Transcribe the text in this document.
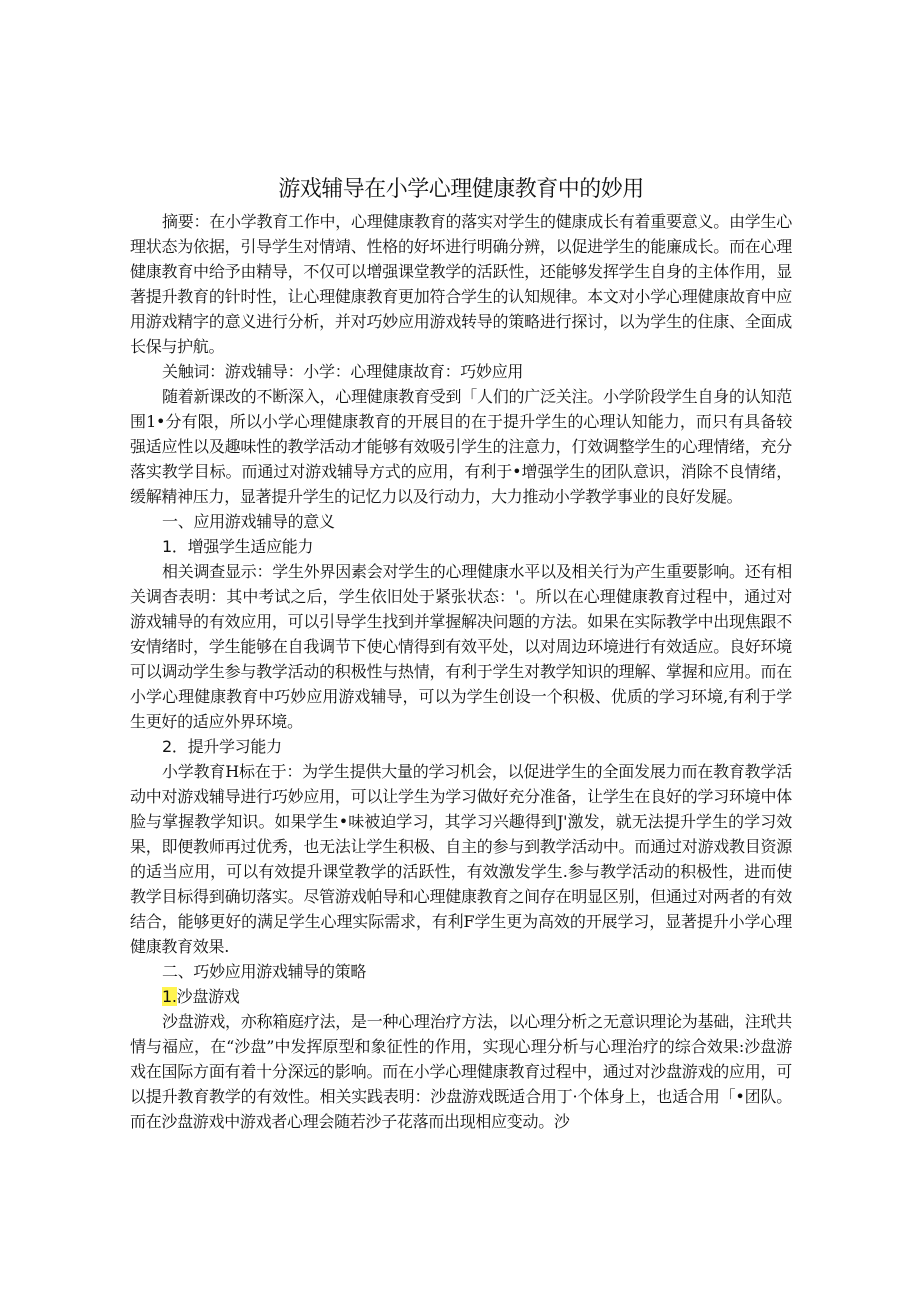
游戏辅导在小学心理健康教育中的妙用

摘要：在小学教育工作中，心理健康教育的落实对学生的健康成长有着重要意义。由学生心理状态为依据，引导学生对情靖、性格的好坏进行明确分辨，以促进学生的能廉成长。而在心理健康教育中给予由精导，不仅可以增强课堂教学的活跃性，还能够发挥学生自身的主体作用，显著提升教育的针时性，让心理健康教育更加符合学生的认知规律。本文对小学心理健康故育中应用游戏精字的意义进行分析，并对巧妙应用游戏转导的策略进行探讨，以为学生的住康、全面成长保与护航。

关触词：游戏辅导：小学：心理健康故育：巧妙应用

随着新课改的不断深入，心理健康教育受到「人们的广泛关注。小学阶段学生自身的认知范围1•分有限，所以小学心理健康教育的开展目的在于提升学生的心理认知能力，而只有具备较强适应性以及趣味性的教学活动才能够有效吸引学生的注意力，仃效调整学生的心理情绪，充分落实教学目标。而通过对游戏辅导方式的应用，有利于•增强学生的团队意识，消除不良情绪，缓解精神压力，显著提升学生的记忆力以及行动力，大力推动小学教学事业的良好发屣。

一、应用游戏辅导的意义

1．增强学生适应能力

相关调查显示：学生外界因素会对学生的心理健康水平以及相关行为产生重要影响。还有相关调杳表明：其中考试之后，学生依旧处于紧张状态：'。所以在心理健康教育过程中，通过对游戏辅导的有效应用，可以引导学生找到并掌握解决问题的方法。如果在实际教学中出现焦跟不安情绪时，学生能够在自我调节下使心情得到有效平处，以对周边环境进行有效适应。良好环境可以调动学生参与教学活动的积极性与热情，有利于学生对教学知识的理解、掌握和应用。而在小学心理健康教育中巧妙应用游戏辅导，可以为学生创设一个积极、优质的学习环境,有利于学生更好的适应外界环境。

2．提升学习能力

小学教育H标在于：为学生提供大量的学习机会，以促进学生的全面发展力而在教育教学活动中对游戏辅导进行巧妙应用，可以让学生为学习做好充分准备，让学生在良好的学习环境中体脸与掌握教学知识。如果学生•味被迫学习，其学习兴趣得到J'激发，就无法提升学生的学习效果，即便教师再过优秀，也无法让学生积极、自主的参与到教学活动中。而通过对游戏教目资源的适当应用，可以有效提升课堂教学的活跃性，有效激发学生.参与教学活动的积极性，进而使教学目标得到确切落实。尽管游戏帕导和心理健康教育之间存在明显区别，但通过对两者的有效结合，能够更好的满足学生心理实际需求，有利F学生更为高效的开展学习，显著提升小学心理健康教育效果.

二、巧妙应用游戏辅导的策略

1.沙盘游戏

沙盘游戏，亦称箱庭疗法，是一种心理治疗方法，以心理分析之无意识理论为基础，注玳共情与福应，在“沙盘”中发挥原型和象征性的作用，实现心理分析与心理治疗的综合效果:沙盘游戏在国际方面有着十分深远的影响。而在小学心理健康教育过程中，通过对沙盘游戏的应用，可以提升教育教学的有效性。相关实践表明：沙盘游戏既适合用丁·个体身上，也适合用「•团队。而在沙盘游戏中游戏者心理会随若沙子花落而出现相应变动。沙
